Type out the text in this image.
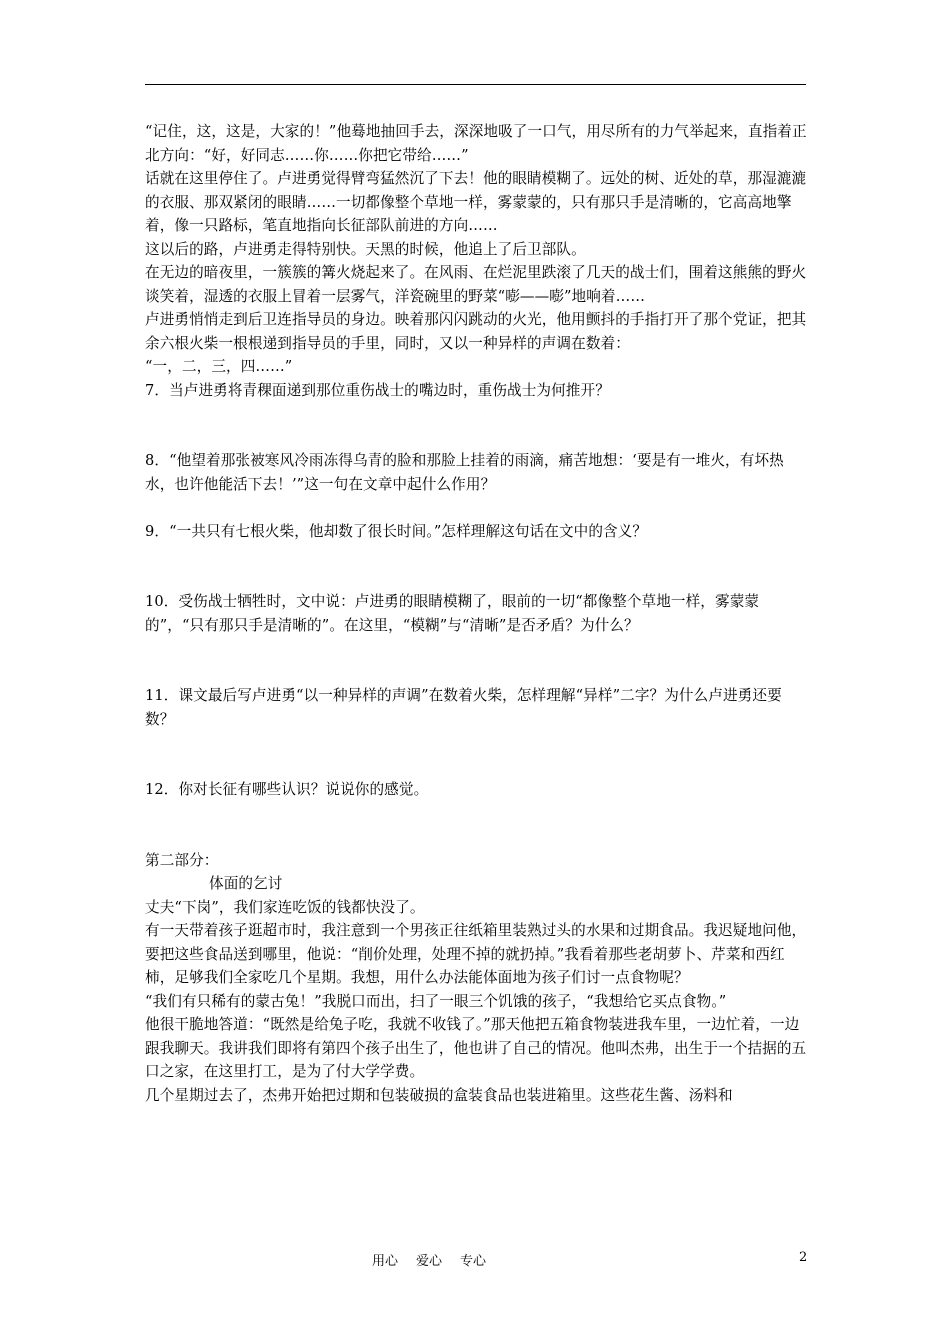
“记住，这，这是，大家的！”他蓦地抽回手去，深深地吸了一口气，用尽所有的力气举起来，直指着正北方向：“好，好同志……你……你把它带给……”

话就在这里停住了。卢进勇觉得臂弯猛然沉了下去！他的眼睛模糊了。远处的树、近处的草，那湿漉漉的衣服、那双紧闭的眼睛……一切都像整个草地一样，雾蒙蒙的，只有那只手是清晰的，它高高地擎着，像一只路标，笔直地指向长征部队前进的方向……

这以后的路，卢进勇走得特别快。天黑的时候，他追上了后卫部队。

在无边的暗夜里，一簇簇的篝火烧起来了。在风雨、在烂泥里跌滚了几天的战士们，围着这熊熊的野火谈笑着，湿透的衣服上冒着一层雾气，洋瓷碗里的野菜“嘭——嘭”地响着……

卢进勇悄悄走到后卫连指导员的身边。映着那闪闪跳动的火光，他用颤抖的手指打开了那个党证，把其余六根火柴一根根递到指导员的手里，同时，又以一种异样的声调在数着：

“一，二，三，四……”

7．当卢进勇将青稞面递到那位重伤战士的嘴边时，重伤战士为何推开？

8．“他望着那张被寒风冷雨冻得乌青的脸和那脸上挂着的雨滴，痛苦地想：‘要是有一堆火，有坏热水，也许他能活下去！’”这一句在文章中起什么作用？

9．“一共只有七根火柴，他却数了很长时间。”怎样理解这句话在文中的含义？

10．受伤战士牺牲时，文中说：卢进勇的眼睛模糊了，眼前的一切“都像整个草地一样，雾蒙蒙的”，“只有那只手是清晰的”。在这里，“模糊”与“清晰”是否矛盾？为什么？

11．课文最后写卢进勇“以一种异样的声调”在数着火柴，怎样理解“异样”二字？为什么卢进勇还要数？

12．你对长征有哪些认识？说说你的感觉。

第二部分：

体面的乞讨

丈夫“下岗”，我们家连吃饭的钱都快没了。

有一天带着孩子逛超市时，我注意到一个男孩正往纸箱里装熟过头的水果和过期食品。我迟疑地问他，要把这些食品送到哪里，他说：“削价处理，处理不掉的就扔掉。”我看着那些老胡萝卜、芹菜和西红柿，足够我们全家吃几个星期。我想，用什么办法能体面地为孩子们讨一点食物呢？

“我们有只稀有的蒙古兔！”我脱口而出，扫了一眼三个饥饿的孩子，“我想给它买点食物。”

他很干脆地答道：“既然是给兔子吃，我就不收钱了。”那天他把五箱食物装进我车里，一边忙着，一边跟我聊天。我讲我们即将有第四个孩子出生了，他也讲了自己的情况。他叫杰弗，出生于一个拮据的五口之家，在这里打工，是为了付大学学费。

几个星期过去了，杰弗开始把过期和包装破损的盒装食品也装进箱里。这些花生酱、汤料和

用心 爱心 专心	2
